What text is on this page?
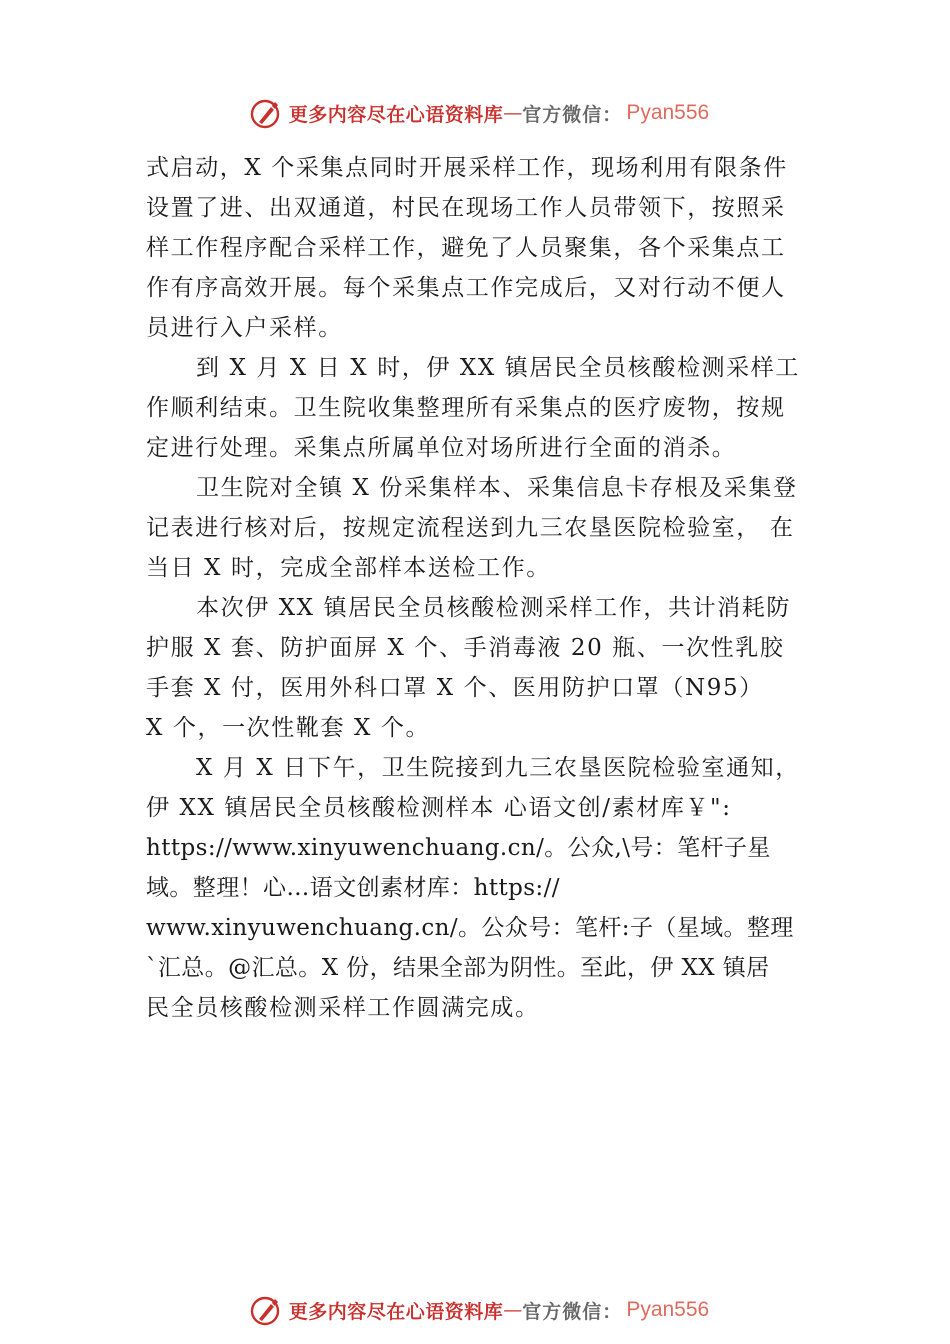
更多内容尽在心语资料库 — 官方微信： Pyan556
式启动，X 个采集点同时开展采样工作，现场利用有限条件
设置了进、出双通道，村民在现场工作人员带领下，按照采
样工作程序配合采样工作，避免了人员聚集，各个采集点工
作有序高效开展。每个采集点工作完成后，又对行动不便人
员进行入户采样。
到 X 月 X 日 X 时，伊 XX 镇居民全员核酸检测采样工
作顺利结束。卫生院收集整理所有采集点的医疗废物，按规
定进行处理。采集点所属单位对场所进行全面的消杀。
卫生院对全镇 X 份采集样本、采集信息卡存根及采集登
记表进行核对后，按规定流程送到九三农垦医院检验室， 在
当日 X 时，完成全部样本送检工作。
本次伊 XX 镇居民全员核酸检测采样工作，共计消耗防
护服 X 套、防护面屏 X 个、手消毒液 20 瓶、一次性乳胶
手套 X 付，医用外科口罩 X 个、医用防护口罩（N95）
X 个，一次性靴套 X 个。
X 月 X 日下午，卫生院接到九三农垦医院检验室通知，
伊 XX 镇居民全员核酸检测样本 心语文创/素材库￥":
https://www.xinyuwenchuang.cn/。公众,\号：笔杆子星
域。整理！心…语文创素材库：https://
www.xinyuwenchuang.cn/。公众号：笔杆:子（星域。整理
`汇总。@汇总。X 份，结果全部为阴性。至此，伊 XX 镇居
民全员核酸检测采样工作圆满完成。
更多内容尽在心语资料库 — 官方微信： Pyan556
